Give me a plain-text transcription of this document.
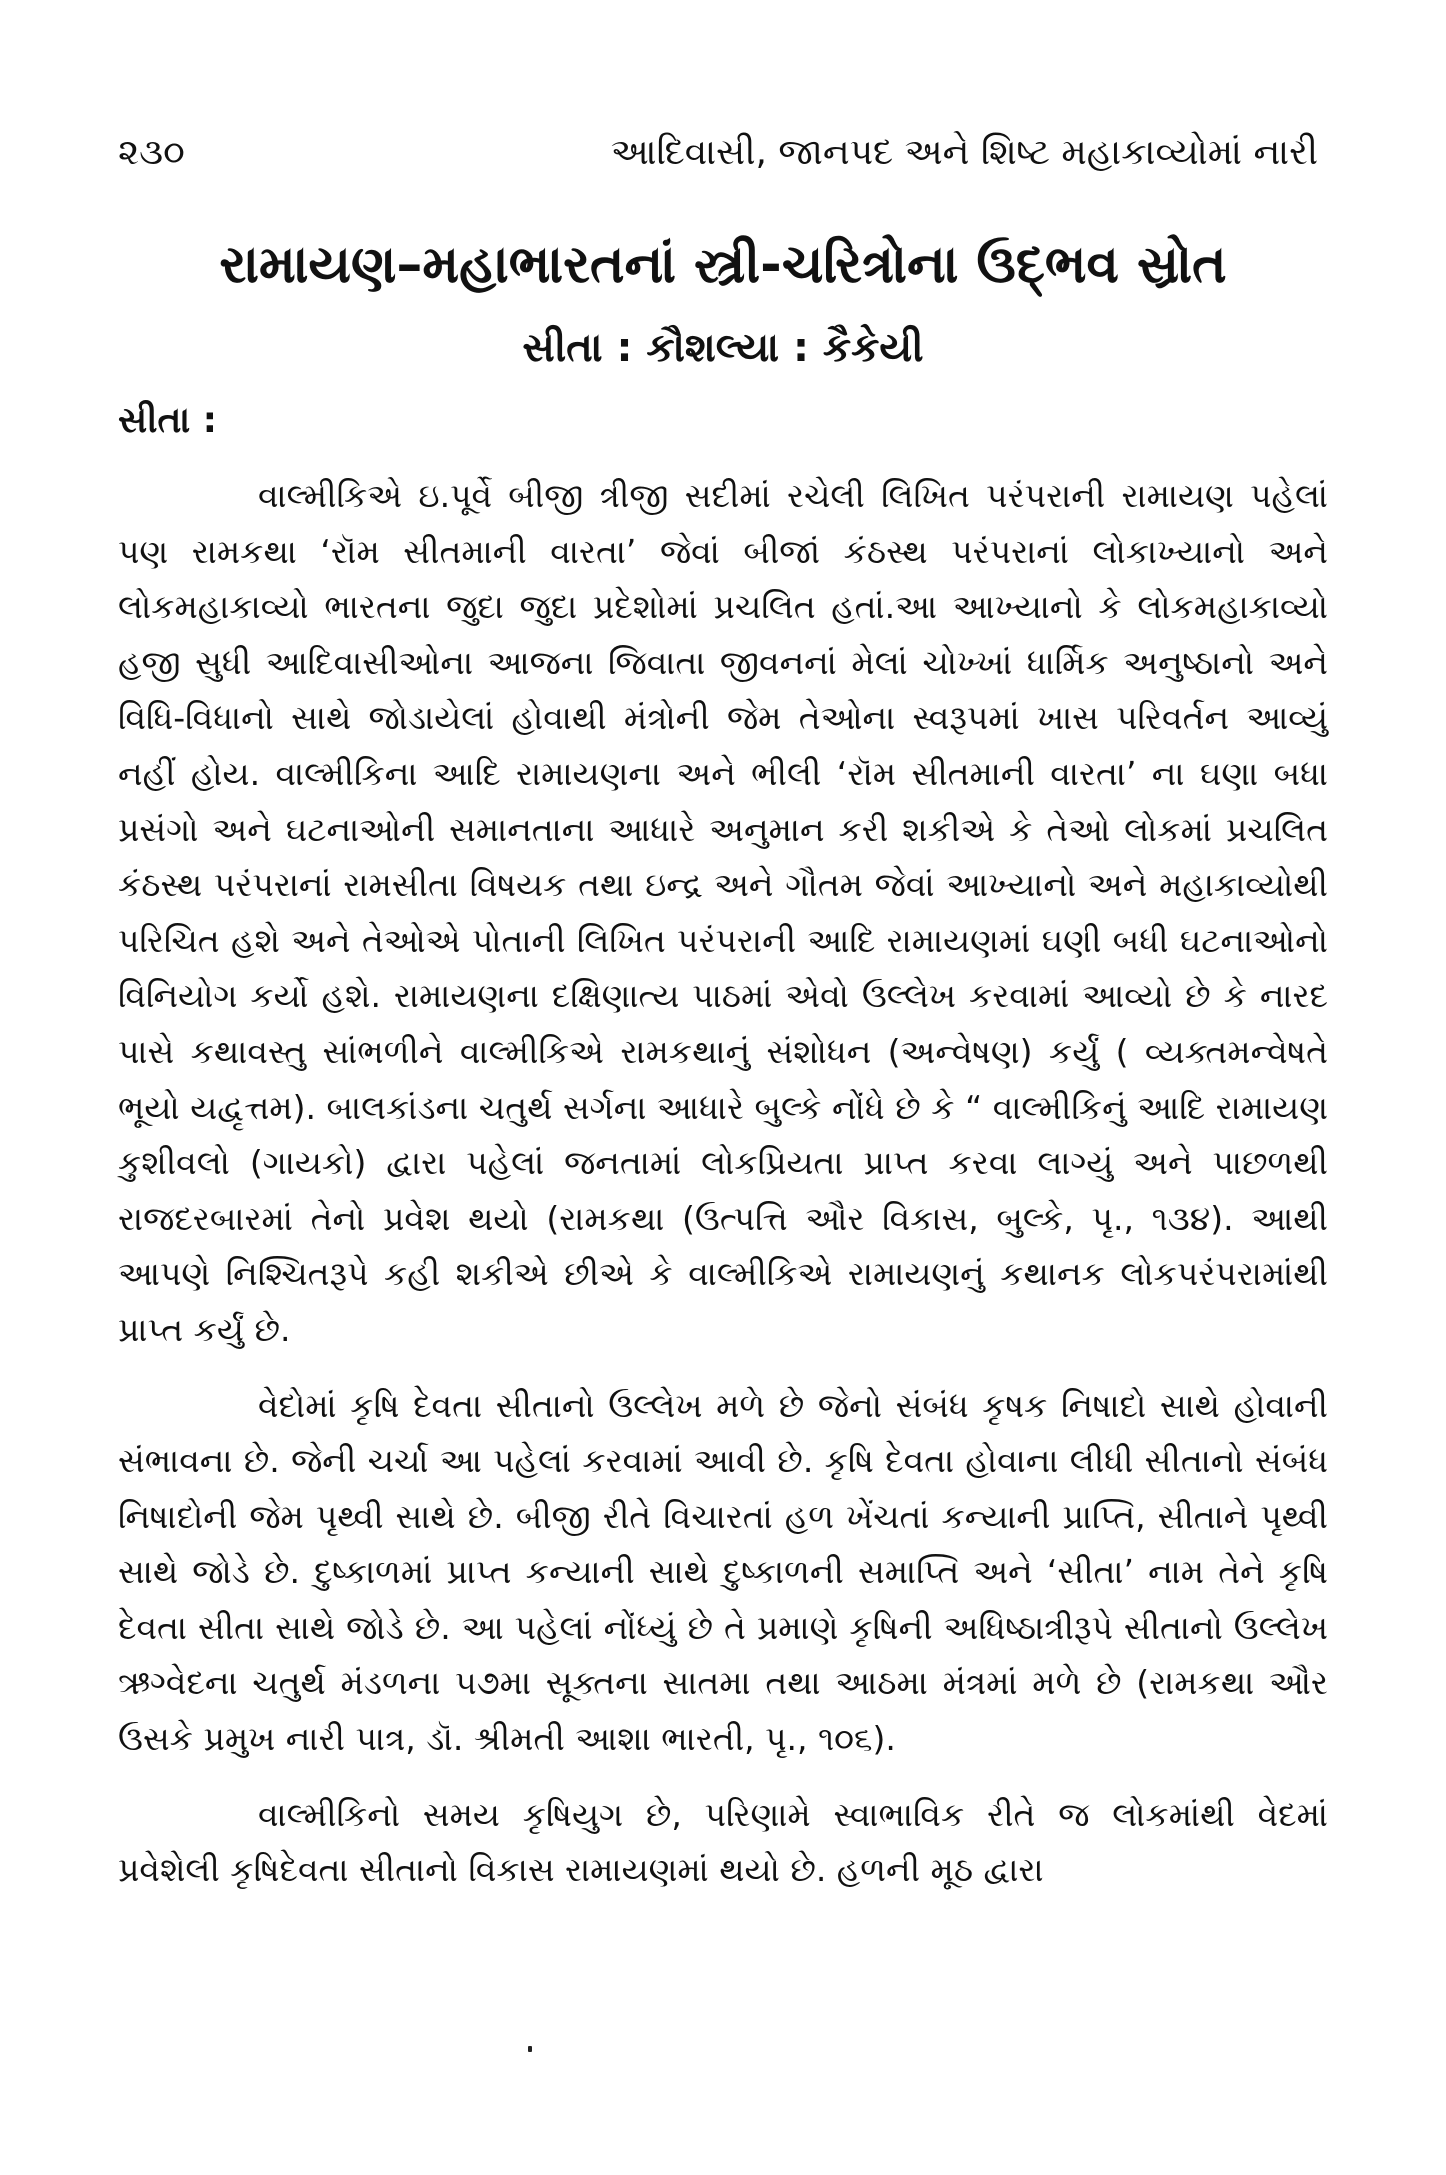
૨૩૦	આદિવાસી, જાનપદ અને શિષ્ટ મહાકાવ્યોમાં નારી
રામાયણ–મહાભારતનાં સ્ત્રી-ચરિત્રોના ઉદ્ભવ સ્રોત
સીતા : કૌશલ્યા : કૈકેયી
સીતા :

વાલ્મીકિએ ઇ.પૂર્વે બીજી ત્રીજી સદીમાં રચેલી લિખિત પરંપરાની રામાયણ પહેલાં પણ રામકથા ‘રૉમ સીતમાની વારતા’ જેવાં બીજાં કંઠસ્થ પરંપરાનાં લોકાખ્યાનો અને લોકમહાકાવ્યો ભારતના જુદા જુદા પ્રદેશોમાં પ્રચલિત હતાં.આ આખ્યાનો કે લોકમહાકાવ્યો હજી સુધી આદિવાસીઓના આજના જિવાતા જીવનનાં મેલાં ચોખ્ખાં ધાર્મિક અનુષ્ઠાનો અને વિધિ-વિધાનો સાથે જોડાયેલાં હોવાથી મંત્રોની જેમ તેઓના સ્વરૂપમાં ખાસ પરિવર્તન આવ્યું નહીં હોય. વાલ્મીકિના આદિ રામાયણના અને ભીલી ‘રૉમ સીતમાની વારતા’ ના ઘણા બધા પ્રસંગો અને ઘટનાઓની સમાનતાના આધારે અનુમાન કરી શકીએ કે તેઓ લોકમાં પ્રચલિત કંઠસ્થ પરંપરાનાં રામસીતા વિષયક તથા ઇન્દ્ર અને ગૌતમ જેવાં આખ્યાનો અને મહાકાવ્યોથી પરિચિત હશે અને તેઓએ પોતાની લિખિત પરંપરાની આદિ રામાયણમાં ઘણી બધી ઘટનાઓનો વિનિયોગ કર્યો હશે. રામાયણના દક્ષિણાત્ય પાઠમાં એવો ઉલ્લેખ કરવામાં આવ્યો છે કે નારદ પાસે કથાવસ્તુ સાંભળીને વાલ્મીકિએ રામકથાનું સંશોધન (અન્વેષણ) કર્યું ( વ્યક્તમન્વેષતે ભૂયો યદ્વૃત્તમ). બાલકાંડના ચતુર્થ સર્ગના આધારે બુલ્કે નોંધે છે કે “ વાલ્મીકિનું આદિ રામાયણ કુશીવલો (ગાયકો) દ્વારા પહેલાં જનતામાં લોકપ્રિયતા પ્રાપ્ત કરવા લાગ્યું અને પાછળથી રાજદરબારમાં તેનો પ્રવેશ થયો (રામકથા (ઉત્પત્તિ ઔર વિકાસ, બુલ્કે, પૃ., ૧૩૪). આથી આપણે નિશ્ચિતરૂપે કહી શકીએ છીએ કે વાલ્મીકિએ રામાયણનું કથાનક લોકપરંપરામાંથી પ્રાપ્ત કર્યું છે.

વેદોમાં કૃષિ દેવતા સીતાનો ઉલ્લેખ મળે છે જેનો સંબંધ કૃષક નિષાદો સાથે હોવાની સંભાવના છે. જેની ચર્ચા આ પહેલાં કરવામાં આવી છે. કૃષિ દેવતા હોવાના લીધી સીતાનો સંબંધ નિષાદોની જેમ પૃથ્વી સાથે છે. બીજી રીતે વિચારતાં હળ ખેંચતાં કન્યાની પ્રાપ્તિ, સીતાને પૃથ્વી સાથે જોડે છે. દુષ્કાળમાં પ્રાપ્ત કન્યાની સાથે દુષ્કાળની સમાપ્તિ અને ‘સીતા’ નામ તેને કૃષિ દેવતા સીતા સાથે જોડે છે. આ પહેલાં નોંધ્યું છે તે પ્રમાણે કૃષિની અધિષ્ઠાત્રીરૂપે સીતાનો ઉલ્લેખ ઋગ્વેદના ચતુર્થ મંડળના ૫૭મા સૂક્તના સાતમા તથા આઠમા મંત્રમાં મળે છે (રામકથા ઔર ઉસકે પ્રમુખ નારી પાત્ર, ડૉ. શ્રીમતી આશા ભારતી, પૃ., ૧૦૬).

વાલ્મીકિનો સમય કૃષિયુગ છે, પરિણામે સ્વાભાવિક રીતે જ લોકમાંથી વેદમાં પ્રવેશેલી કૃષિદેવતા સીતાનો વિકાસ રામાયણમાં થયો છે. હળની મૂઠ દ્વારા
